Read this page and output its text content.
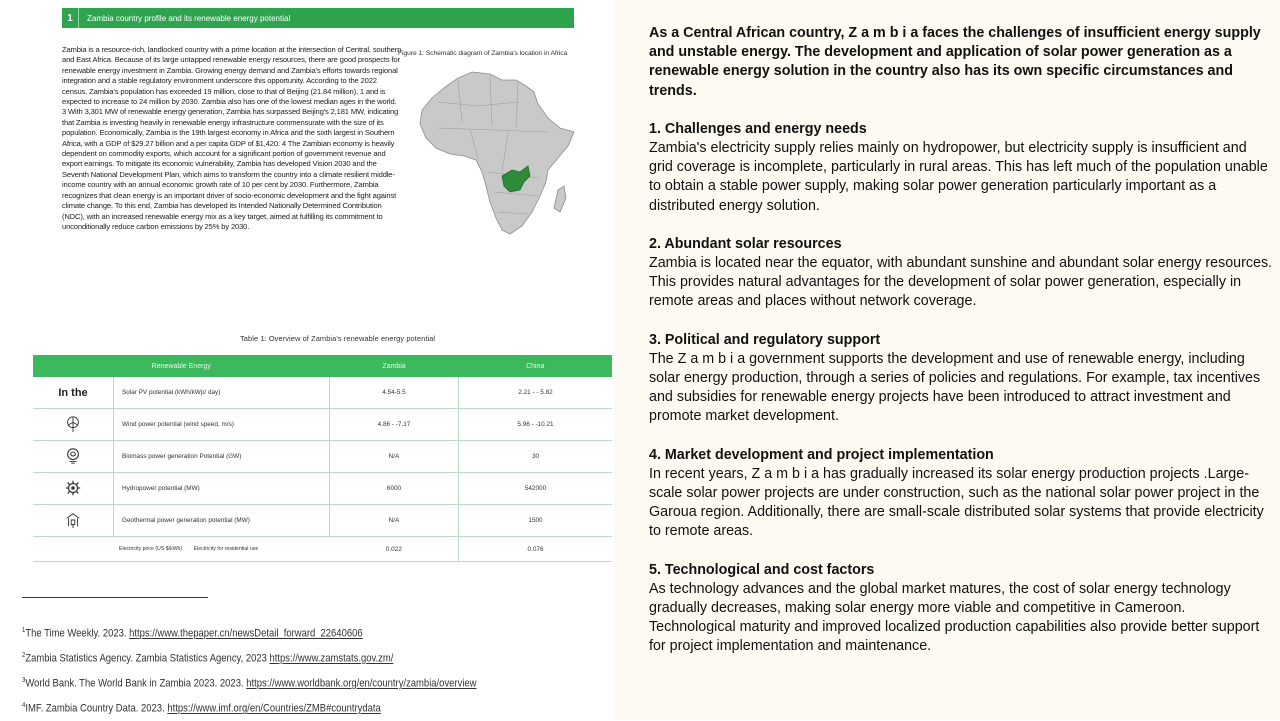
1	Zambia country profile and its renewable energy potential

Zambia is a resource-rich, landlocked country with a prime location at the intersection of Central, southern and East Africa. Because of its large untapped renewable energy resources, there are good prospects for renewable energy investment in Zambia. Growing energy demand and Zambia's efforts towards regional integration and a stable regulatory environment underscore this opportunity. According to the 2022 census, Zambia's population has exceeded 19 million, close to that of Beijing (21.84 million), 1 and is expected to increase to 24 million by 2030. Zambia also has one of the lowest median ages in the world. 3 With 3,301 MW of renewable energy generation, Zambia has surpassed Beijing's 2,181 MW, indicating that Zambia is investing heavily in renewable energy infrastructure commensurate with the size of its population. Economically, Zambia is the 19th largest economy in Africa and the sixth largest in Southern Africa, with a GDP of $29.27 billion and a per capita GDP of $1,420. 4 The Zambian economy is heavily dependent on commodity exports, which account for a significant portion of government revenue and export earnings. To mitigate its economic vulnerability, Zambia has developed Vision 2030 and the Seventh National Development Plan, which aims to transform the country into a climate resilient middle-income country with an annual economic growth rate of 10 per cent by 2030. Furthermore, Zambia recognizes that clean energy is an important driver of socio-economic development and the fight against climate change. To this end, Zambia has developed its Intended Nationally Determined Contribution (NDC), with an increased renewable energy mix as a key target, aimed at fulfilling its commitment to unconditionally reduce carbon emissions by 25% by 2030.

Figure 1: Schematic diagram of Zambia's location in Africa
Table 1: Overview of Zambia's renewable energy potential
Renewable Energy		Zambia	China
In the	Solar PV potential (kWh/kWp/ day)	4.54-5.5	2.21 - - 5.82
	Wind power potential (wind speed, m/s)	4.86 - -7.17	5.96 - -10.21
	Biomass power generation Potential (GW)	N/A	30
	Hydropower potential (MW)	6000	542000
	Geothermal power generation potential (MW)	N/A	1500
Electricity price (US $/kWh) Electricity for residential use		0.022	0.076
$^1$The Time Weekly. 2023. https://www.thepaper.cn/newsDetail_forward_22640606
$^2$Zambia Statistics Agency. Zambia Statistics Agency, 2023 https://www.zamstats.gov.zm/
$^3$World Bank. The World Bank in Zambia 2023. 2023. https://www.worldbank.org/en/country/zambia/overview
$^4$IMF. Zambia Country Data. 2023. https://www.imf.org/en/Countries/ZMB#countrydata

As a Central African country, Z a m b i a faces the challenges of insufficient energy supply and unstable energy. The development and application of solar power generation as a renewable energy solution in the country also has its own specific circumstances and trends.

1. Challenges and energy needs

Zambia's electricity supply relies mainly on hydropower, but electricity supply is insufficient and grid coverage is incomplete, particularly in rural areas. This has left much of the population unable to obtain a stable power supply, making solar power generation particularly important as a distributed energy solution.

2. Abundant solar resources

Zambia is located near the equator, with abundant sunshine and abundant solar energy resources. This provides natural advantages for the development of solar power generation, especially in remote areas and places without network coverage.

3. Political and regulatory support

The Z a m b i a government supports the development and use of renewable energy, including solar energy production, through a series of policies and regulations. For example, tax incentives and subsidies for renewable energy projects have been introduced to attract investment and promote market development.

4. Market development and project implementation

In recent years, Z a m b i a has gradually increased its solar energy production projects .Large-scale solar power projects are under construction, such as the national solar power project in the Garoua region. Additionally, there are small-scale distributed solar systems that provide electricity to remote areas.

5. Technological and cost factors

As technology advances and the global market matures, the cost of solar energy technology gradually decreases, making solar energy more viable and competitive in Cameroon. Technological maturity and improved localized production capabilities also provide better support for project implementation and maintenance.
